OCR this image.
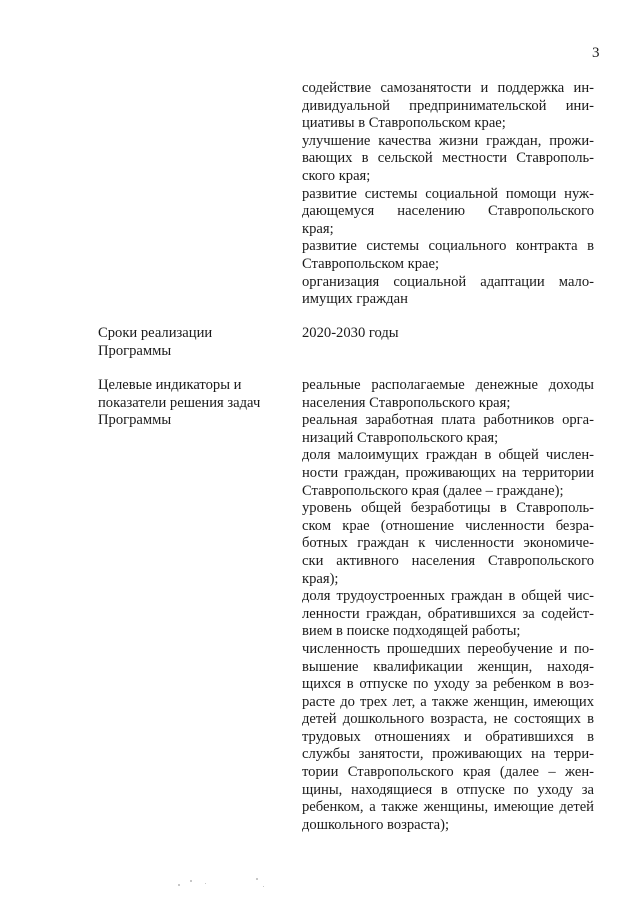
3
содействие самозанятости и поддержка ин-
дивидуальной предпринимательской ини-
циативы в Ставропольском крае;
улучшение качества жизни граждан, прожи-
вающих в сельской местности Ставрополь-
ского края;
развитие системы социальной помощи нуж-
дающемуся населению Ставропольского
края;
развитие системы социального контракта в
Ставропольском крае;
организация социальной адаптации мало-
имущих граждан
Сроки реализации
Программы
2020-2030 годы
Целевые индикаторы и
показатели решения задач
Программы
реальные располагаемые денежные доходы
населения Ставропольского края;
реальная заработная плата работников орга-
низаций Ставропольского края;
доля малоимущих граждан в общей числен-
ности граждан, проживающих на территории
Ставропольского края (далее – граждане);
уровень общей безработицы в Ставрополь-
ском крае (отношение численности безра-
ботных граждан к численности экономиче-
ски активного населения Ставропольского
края);
доля трудоустроенных граждан в общей чис-
ленности граждан, обратившихся за содейст-
вием в поиске подходящей работы;
численность прошедших переобучение и по-
вышение квалификации женщин, находя-
щихся в отпуске по уходу за ребенком в воз-
расте до трех лет, а также женщин, имеющих
детей дошкольного возраста, не состоящих в
трудовых отношениях и обратившихся в
службы занятости, проживающих на терри-
тории Ставропольского края (далее – жен-
щины, находящиеся в отпуске по уходу за
ребенком, а также женщины, имеющие детей
дошкольного возраста);
